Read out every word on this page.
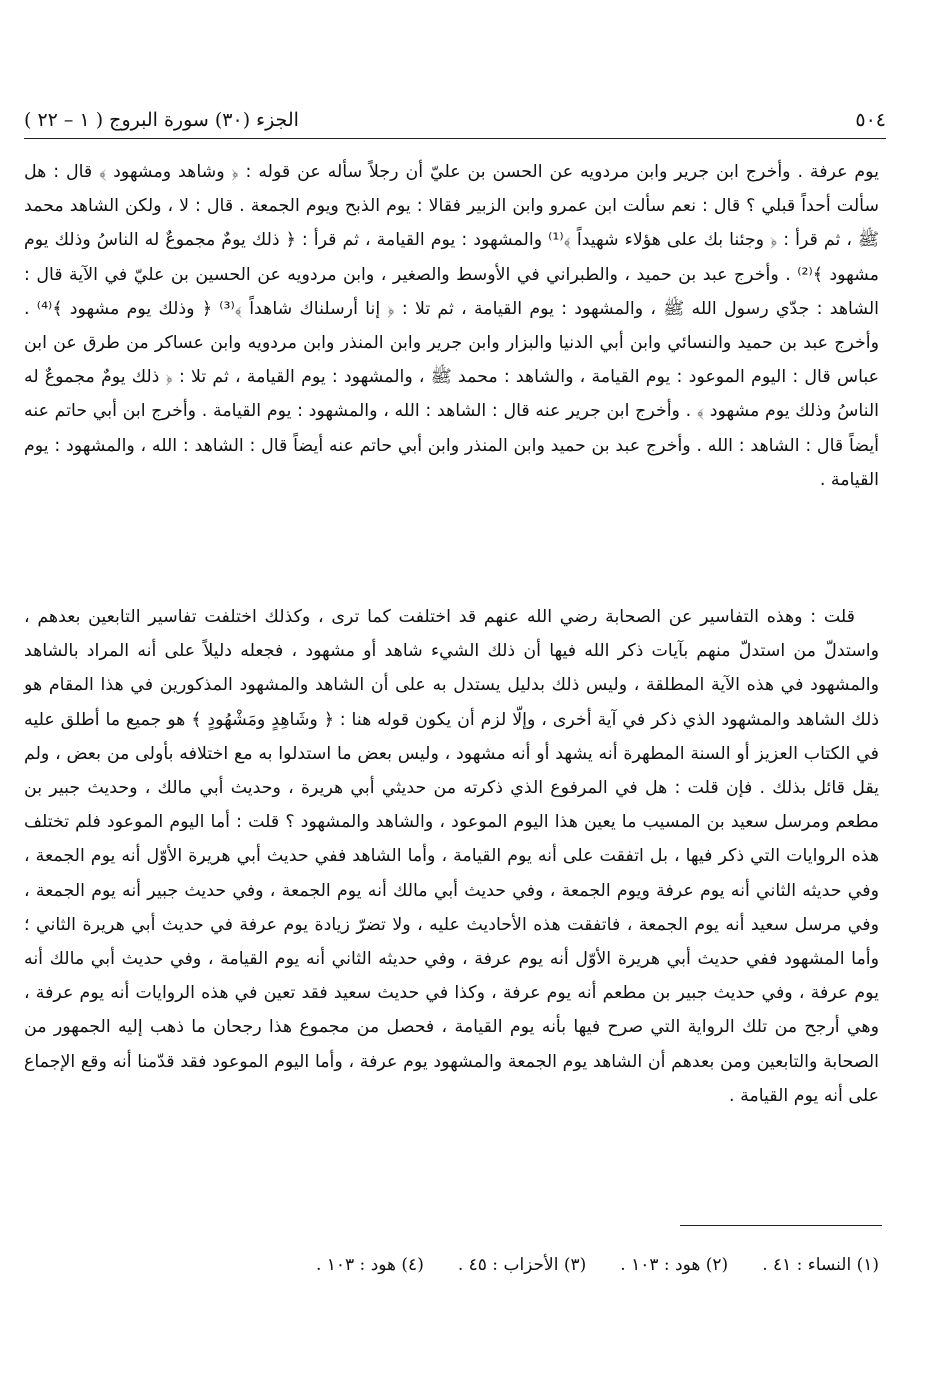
٥٠٤
الجزء (٣٠) سورة البروج ( ١ – ٢٢ )

يوم عرفة . وأخرج ابن جرير وابن مردويه عن الحسن بن عليّ أن رجلاً سأله عن قوله : ﴿ وشاهد ومشهود ﴾ قال : هل سألت أحداً قبلي ؟ قال : نعم سألت ابن عمرو وابن الزبير فقالا : يوم الذبح ويوم الجمعة . قال : لا ، ولكن الشاهد محمد ﷺ ، ثم قرأ : ﴿ وجئنا بك على هؤلاء شهيداً ﴾⁽¹⁾ والمشهود : يوم القيامة ، ثم قرأ : ﴿ ذلك يومٌ مجموعٌ له الناسُ وذلك يوم مشهود ﴾⁽²⁾ . وأخرج عبد بن حميد ، والطبراني في الأوسط والصغير ، وابن مردويه عن الحسين بن عليّ في الآية قال : الشاهد : جدّي رسول الله ﷺ ، والمشهود : يوم القيامة ، ثم تلا : ﴿ إنا أرسلناك شاهداً ﴾⁽³⁾ ﴿ وذلك يوم مشهود ﴾⁽⁴⁾ . وأخرج عبد بن حميد والنسائي وابن أبي الدنيا والبزار وابن جرير وابن المنذر وابن مردويه وابن عساكر من طرق عن ابن عباس قال : اليوم الموعود : يوم القيامة ، والشاهد : محمد ﷺ ، والمشهود : يوم القيامة ، ثم تلا : ﴿ ذلك يومٌ مجموعٌ له الناسُ وذلك يوم مشهود ﴾ . وأخرج ابن جرير عنه قال : الشاهد : الله ، والمشهود : يوم القيامة . وأخرج ابن أبي حاتم عنه أيضاً قال : الشاهد : الله . وأخرج عبد بن حميد وابن المنذر وابن أبي حاتم عنه أيضاً قال : الشاهد : الله ، والمشهود : يوم القيامة .

قلت : وهذه التفاسير عن الصحابة رضي الله عنهم قد اختلفت كما ترى ، وكذلك اختلفت تفاسير التابعين بعدهم ، واستدلّ من استدلّ منهم بآيات ذكر الله فيها أن ذلك الشيء شاهد أو مشهود ، فجعله دليلاً على أنه المراد بالشاهد والمشهود في هذه الآية المطلقة ، وليس ذلك بدليل يستدل به على أن الشاهد والمشهود المذكورين في هذا المقام هو ذلك الشاهد والمشهود الذي ذكر في آية أخرى ، وإلّا لزم أن يكون قوله هنا : ﴿ وشَاهِدٍ ومَشْهُودٍ ﴾ هو جميع ما أطلق عليه في الكتاب العزيز أو السنة المطهرة أنه يشهد أو أنه مشهود ، وليس بعض ما استدلوا به مع اختلافه بأولى من بعض ، ولم يقل قائل بذلك . فإن قلت : هل في المرفوع الذي ذكرته من حديثي أبي هريرة ، وحديث أبي مالك ، وحديث جبير بن مطعم ومرسل سعيد بن المسيب ما يعين هذا اليوم الموعود ، والشاهد والمشهود ؟ قلت : أما اليوم الموعود فلم تختلف هذه الروايات التي ذكر فيها ، بل اتفقت على أنه يوم القيامة ، وأما الشاهد ففي حديث أبي هريرة الأوّل أنه يوم الجمعة ، وفي حديثه الثاني أنه يوم عرفة ويوم الجمعة ، وفي حديث أبي مالك أنه يوم الجمعة ، وفي حديث جبير أنه يوم الجمعة ، وفي مرسل سعيد أنه يوم الجمعة ، فاتفقت هذه الأحاديث عليه ، ولا تضرّ زيادة يوم عرفة في حديث أبي هريرة الثاني ؛ وأما المشهود ففي حديث أبي هريرة الأوّل أنه يوم عرفة ، وفي حديثه الثاني أنه يوم القيامة ، وفي حديث أبي مالك أنه يوم عرفة ، وفي حديث جبير بن مطعم أنه يوم عرفة ، وكذا في حديث سعيد فقد تعين في هذه الروايات أنه يوم عرفة ، وهي أرجح من تلك الرواية التي صرح فيها بأنه يوم القيامة ، فحصل من مجموع هذا رجحان ما ذهب إليه الجمهور من الصحابة والتابعين ومن بعدهم أن الشاهد يوم الجمعة والمشهود يوم عرفة ، وأما اليوم الموعود فقد قدّمنا أنه وقع الإجماع على أنه يوم القيامة .

(١) النساء : ٤١ .
(٢) هود : ١٠٣ .
(٣) الأحزاب : ٤٥ .
(٤) هود : ١٠٣ .
